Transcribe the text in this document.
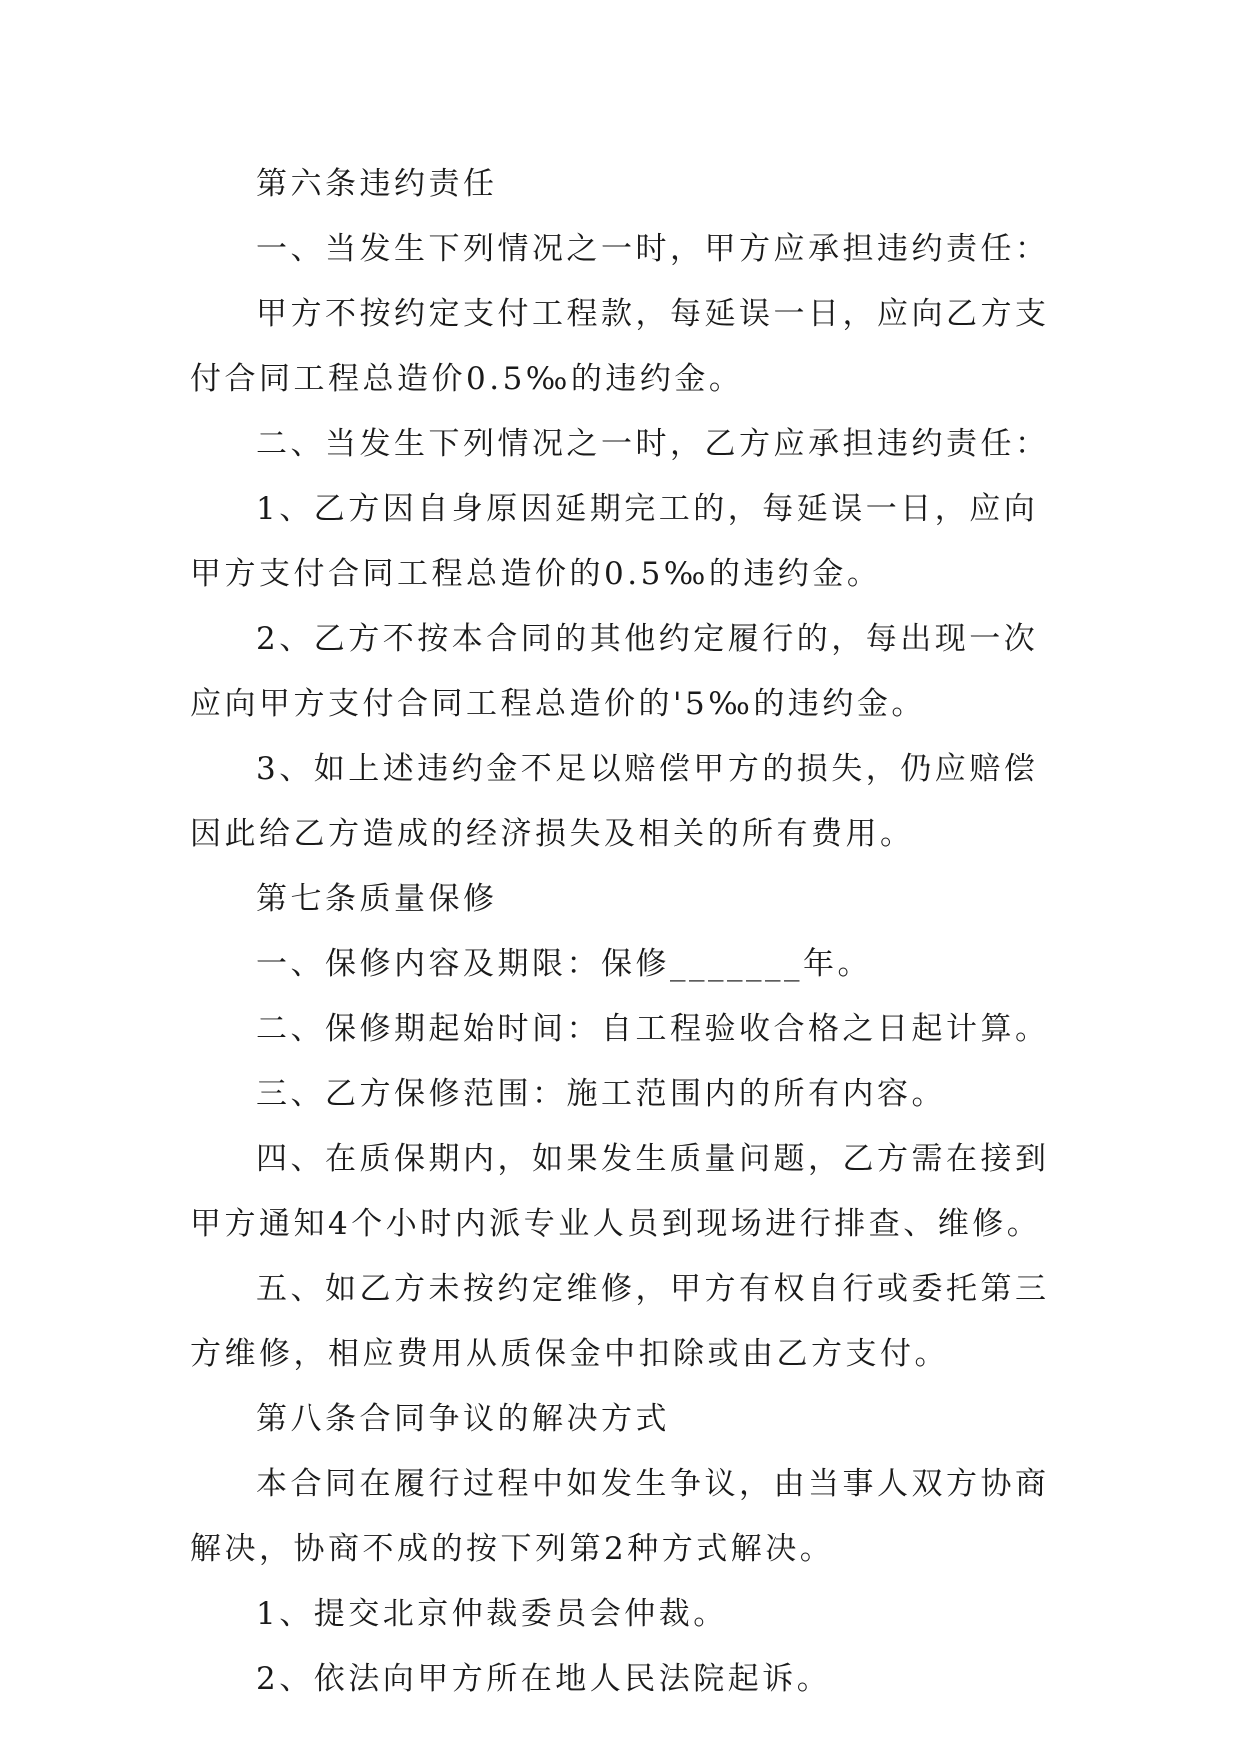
第六条违约责任

一、当发生下列情况之一时，甲方应承担违约责任：

甲方不按约定支付工程款，每延误一日，应向乙方支付合同工程总造价0.5‰的违约金。

二、当发生下列情况之一时，乙方应承担违约责任：

1、乙方因自身原因延期完工的，每延误一日，应向甲方支付合同工程总造价的0.5‰的违约金。

2、乙方不按本合同的其他约定履行的，每出现一次应向甲方支付合同工程总造价的'5‰的违约金。

3、如上述违约金不足以赔偿甲方的损失，仍应赔偿因此给乙方造成的经济损失及相关的所有费用。

第七条质量保修

一、保修内容及期限：保修_______年。

二、保修期起始时间：自工程验收合格之日起计算。

三、乙方保修范围：施工范围内的所有内容。

四、在质保期内，如果发生质量问题，乙方需在接到甲方通知4个小时内派专业人员到现场进行排查、维修。

五、如乙方未按约定维修，甲方有权自行或委托第三方维修，相应费用从质保金中扣除或由乙方支付。

第八条合同争议的解决方式

本合同在履行过程中如发生争议，由当事人双方协商解决，协商不成的按下列第2种方式解决。

1、提交北京仲裁委员会仲裁。

2、依法向甲方所在地人民法院起诉。
